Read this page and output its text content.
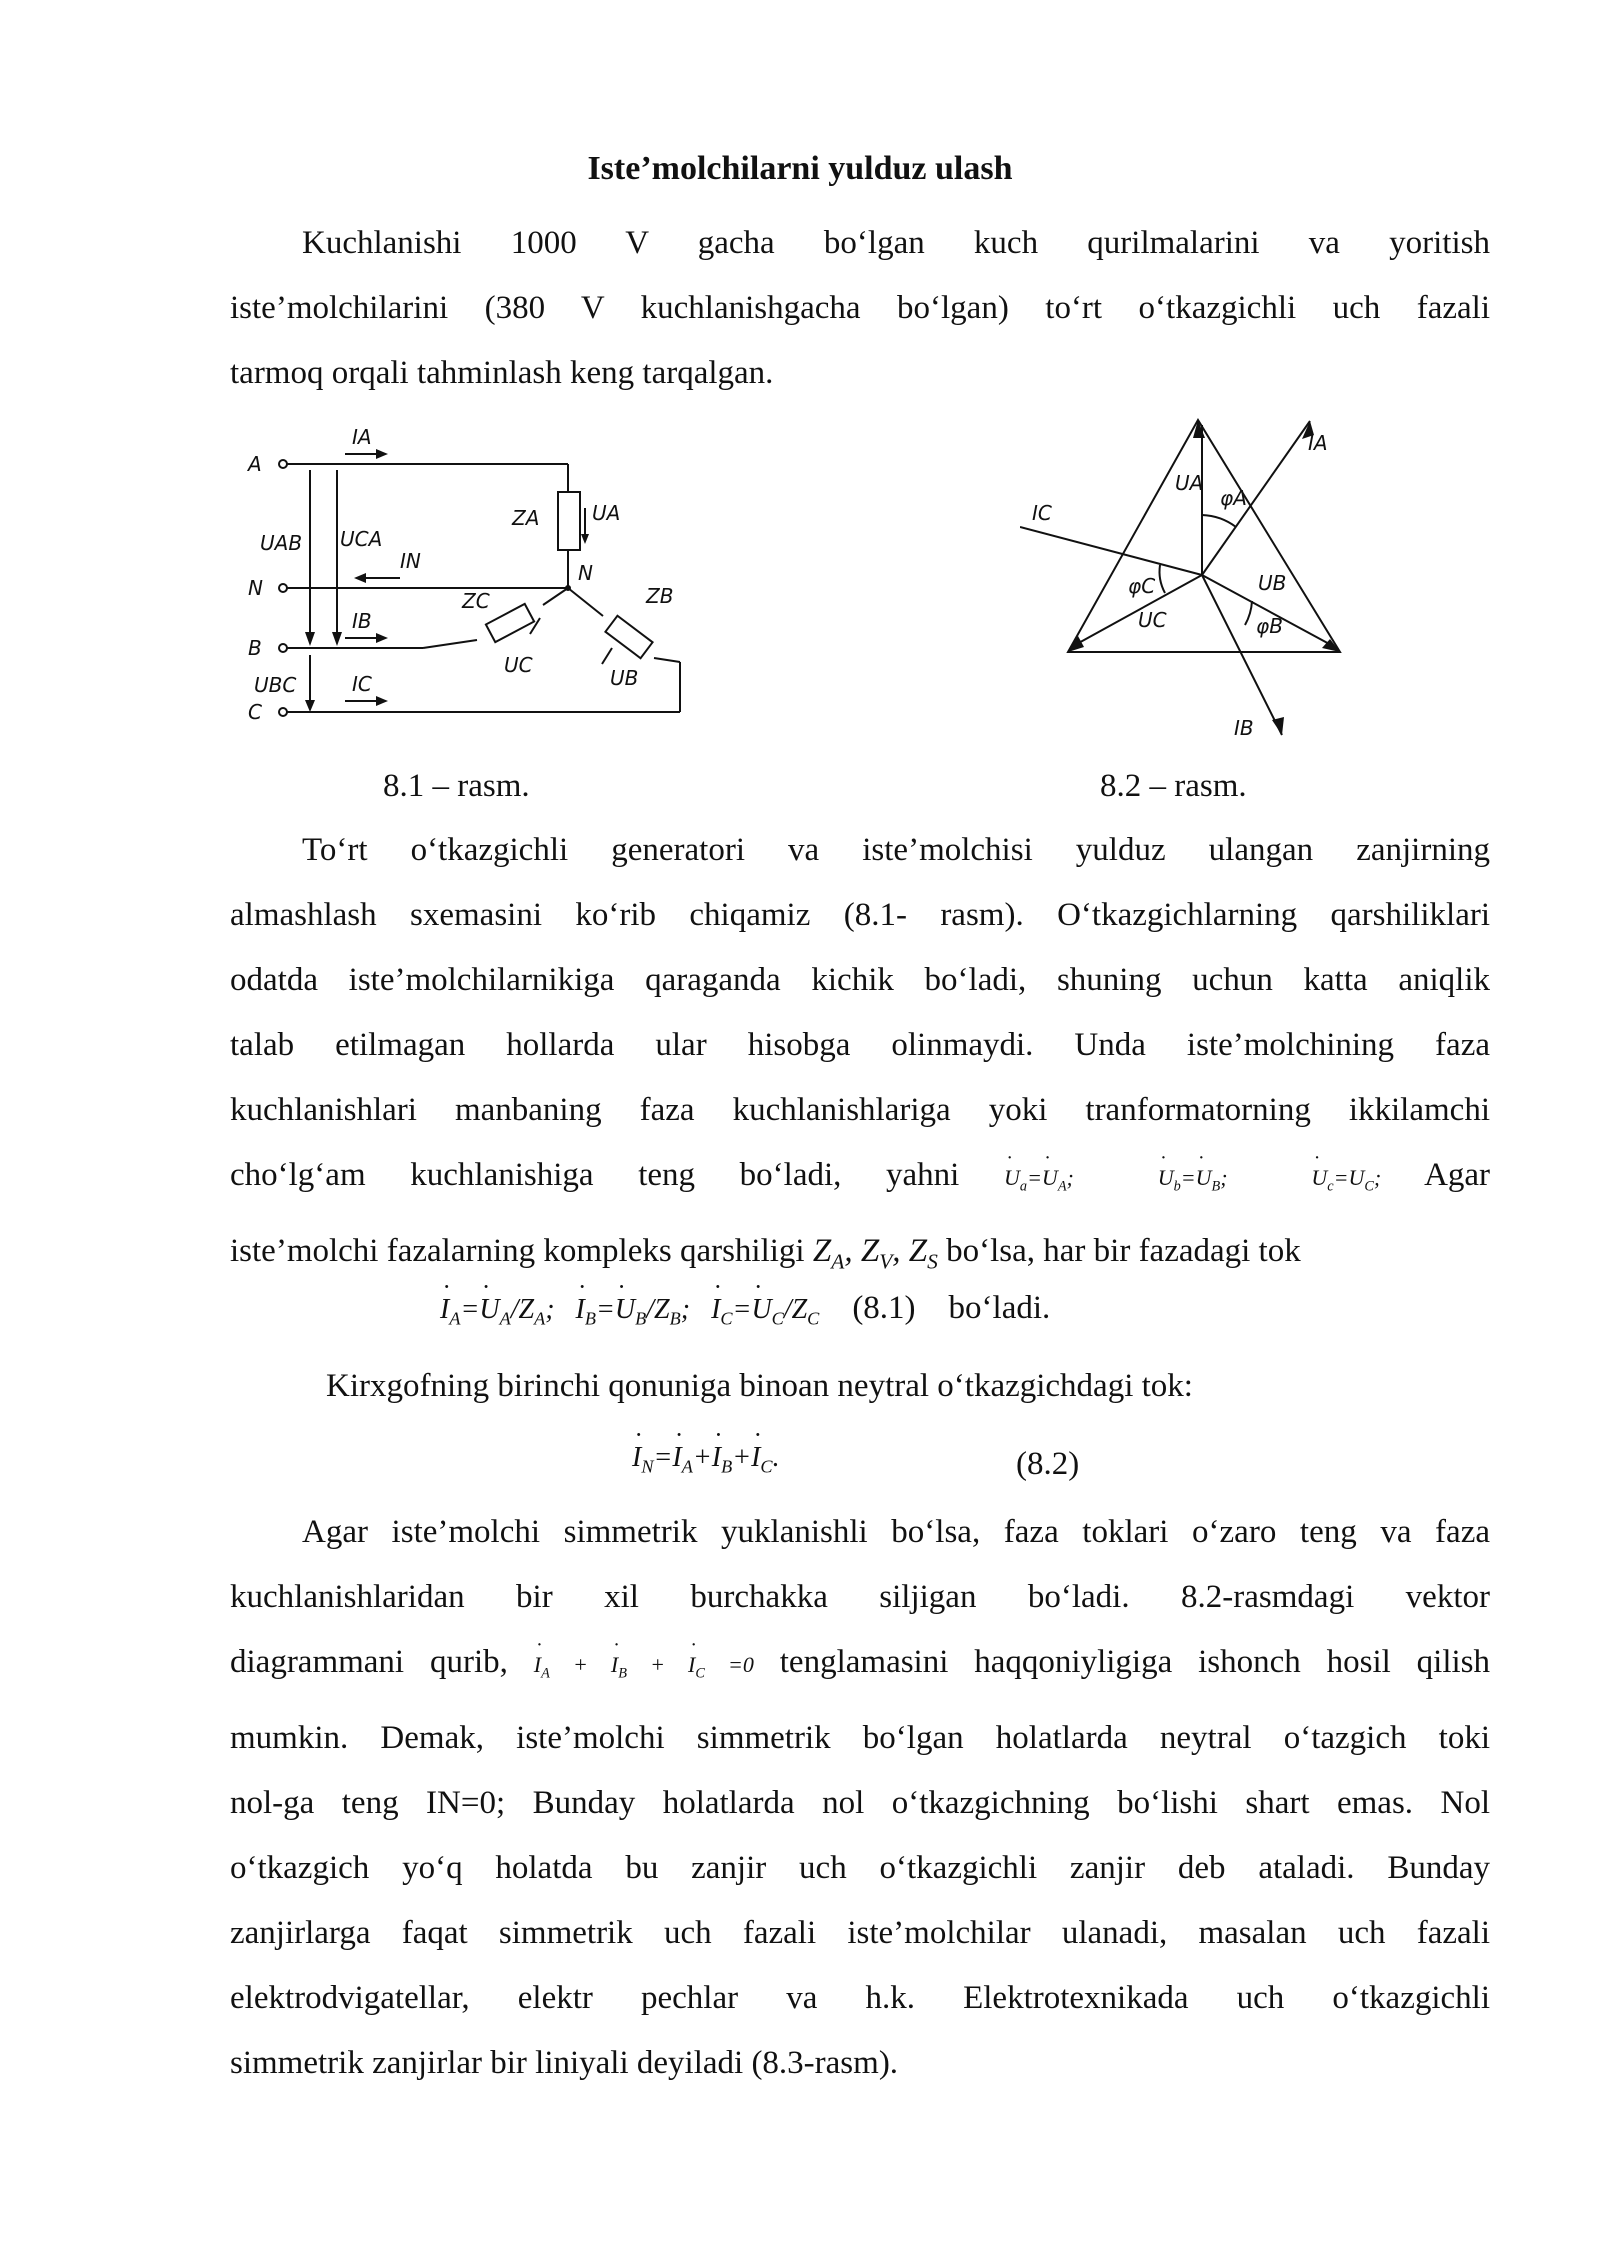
Iste’molchilarni yulduz ulash
Kuchlanishi 1000 V gacha bo‘lgan kuch qurilmalarini va yoritish
iste’molchilarini (380 V kuchlanishgacha bo‘lgan) to‘rt o‘tkazgichli uch fazali
tarmoq orqali tahminlash keng tarqalgan.
A
N
B
C
IA
IN
IB
IC
UAB UCA
UBC
ZA	UA
N
ZC	ZB
UC
UB
UA
φA
IA
IC
φC
UC
UB
φB
IB
8.1 – rasm.	8.2 – rasm.
To‘rt o‘tkazgichli generatori va iste’molchisi yulduz ulangan zanjirning
almashlash sxemasini ko‘rib chiqamiz (8.1- rasm). O‘tkazgichlarning qarshiliklari
odatda iste’molchilarnikiga qaraganda kichik bo‘ladi, shuning uchun katta aniqlik
talab etilmagan hollarda ular hisobga olinmaydi. Unda iste’molchining faza
kuchlanishlari manbaning faza kuchlanishlariga yoki tranformatorning ikkilamchi
cho‘lg‘am kuchlanishiga teng bo‘ladi, yahni ˙ $U_a=˙$ $U_A$;  ˙ $U_b=˙$ $U_B$;  ˙ $U_c=U_C$; Agar
iste’molchi fazalarning kompleks qarshiligi $Z_A$, $Z_V$, $Z_S$ bo‘lsa, har bir fazadagi tok
˙ $I_A=˙$ $U_A/Z_A$;   ˙ $I_B=˙$ $U_B/Z_B$;   ˙ $I_C=˙$ $U_C/Z_C$ (8.1) bo‘ladi.
Kirxgofning birinchi qonuniga binoan neytral o‘tkazgichdagi tok:
˙ $I_N=˙$ $I_A+˙$ $I_B+˙$ $I_C$.	(8.2)
Agar iste’molchi simmetrik yuklanishli bo‘lsa, faza toklari o‘zaro teng va faza
kuchlanishlaridan bir xil burchakka siljigan bo‘ladi. 8.2-rasmdagi vektor
diagrammani qurib, ˙ $I_A$ + ˙ $I_B$ + ˙ $I_C =0$ tenglamasini haqqoniyligiga ishonch hosil qilish
mumkin. Demak, iste’molchi simmetrik bo‘lgan holatlarda neytral o‘tazgich toki
nol-ga teng IN=0; Bunday holatlarda nol o‘tkazgichning bo‘lishi shart emas. Nol
o‘tkazgich yo‘q holatda bu zanjir uch o‘tkazgichli zanjir deb ataladi. Bunday
zanjirlarga faqat simmetrik uch fazali iste’molchilar ulanadi, masalan uch fazali
elektrodvigatellar, elektr pechlar va h.k. Elektrotexnikada uch o‘tkazgichli
simmetrik zanjirlar bir liniyali deyiladi (8.3-rasm).
